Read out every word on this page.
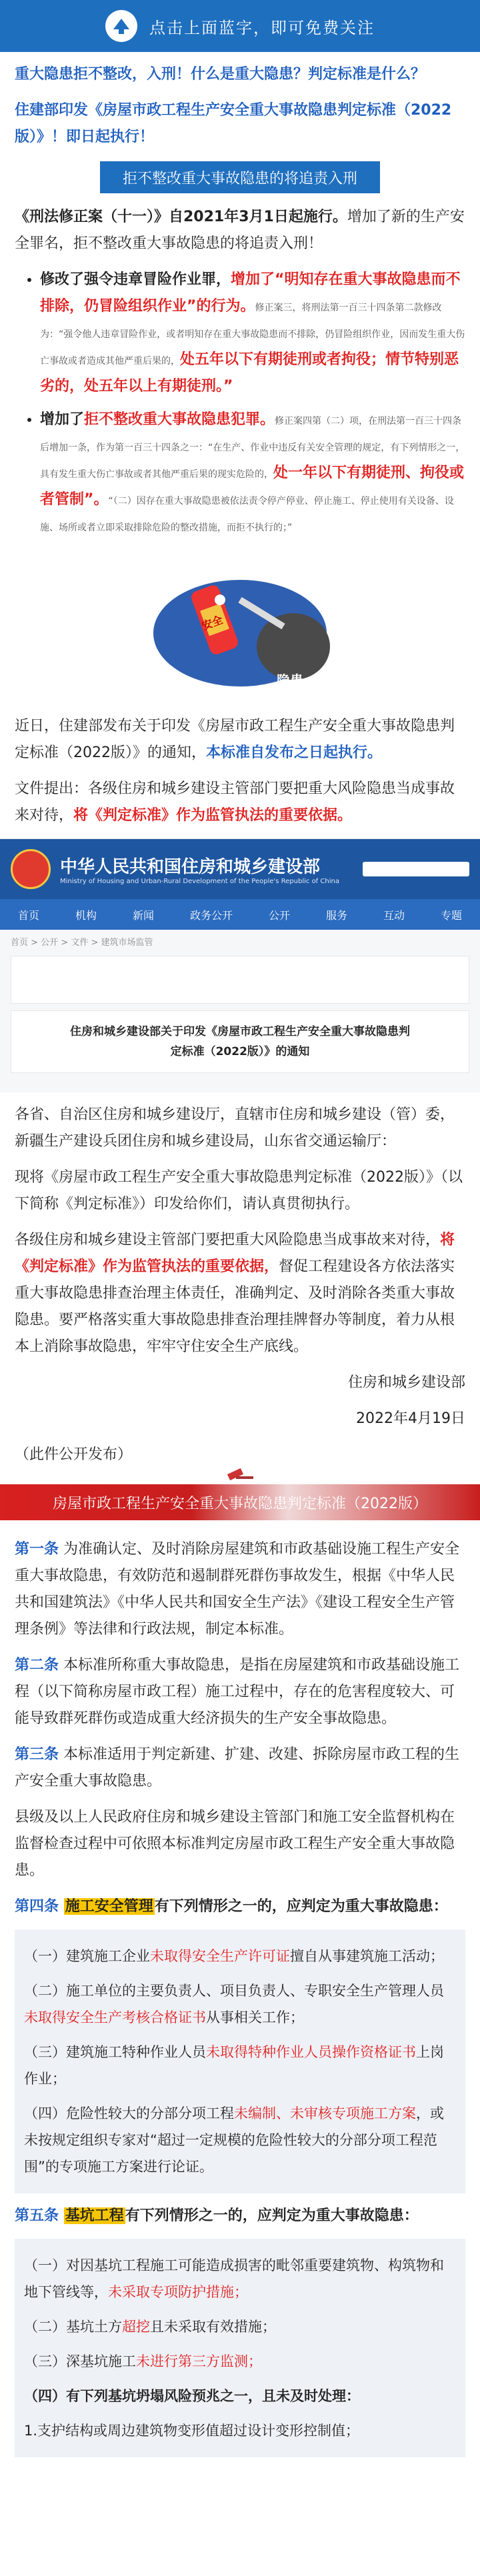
点击上面蓝字，即可免费关注
重大隐患拒不整改，入刑！什么是重大隐患？判定标准是什么？
住建部印发《房屋市政工程生产安全重大事故隐患判定标准（2022版）》！即日起执行！
拒不整改重大事故隐患的将追责入刑
《刑法修正案（十一）》自2021年3月1日起施行。增加了新的生产安全罪名，拒不整改重大事故隐患的将追责入刑！
• 修改了强令违章冒险作业罪，增加了“明知存在重大事故隐患而不排除，仍冒险组织作业”的行为。修正案三，将刑法第一百三十四条第二款修改为：“强令他人违章冒险作业，或者明知存在重大事故隐患而不排除，仍冒险组织作业，因而发生重大伤亡事故或者造成其他严重后果的，处五年以下有期徒刑或者拘役；情节特别恶劣的，处五年以上有期徒刑。”
• 增加了拒不整改重大事故隐患犯罪。修正案四第（二）项，在刑法第一百三十四条后增加一条，作为第一百三十四条之一：“在生产、作业中违反有关安全管理的规定，有下列情形之一，具有发生重大伤亡事故或者其他严重后果的现实危险的，处一年以下有期徒刑、拘役或者管制”。“（二）因存在重大事故隐患被依法责令停产停业、停止施工、停止使用有关设备、设施、场所或者立即采取排除危险的整改措施，而拒不执行的；”
安全
隐患
近日，住建部发布关于印发《房屋市政工程生产安全重大事故隐患判定标准（2022版）》的通知，本标准自发布之日起执行。
文件提出：各级住房和城乡建设主管部门要把重大风险隐患当成事故来对待，将《判定标准》作为监管执法的重要依据。
中华人民共和国住房和城乡建设部
Ministry of Housing and Urban-Rural Development of the People's Republic of China
首页	机构	新闻	政务公开	公开	服务	互动	专题
首页 > 公开 > 文件 > 建筑市场监管
住房和城乡建设部关于印发《房屋市政工程生产安全重大事故隐患判定标准（2022版）》的通知
各省、自治区住房和城乡建设厅，直辖市住房和城乡建设（管）委，新疆生产建设兵团住房和城乡建设局，山东省交通运输厅：
现将《房屋市政工程生产安全重大事故隐患判定标准（2022版）》（以下简称《判定标准》）印发给你们，请认真贯彻执行。
各级住房和城乡建设主管部门要把重大风险隐患当成事故来对待，将《判定标准》作为监管执法的重要依据，督促工程建设各方依法落实重大事故隐患排查治理主体责任，准确判定、及时消除各类重大事故隐患。要严格落实重大事故隐患排查治理挂牌督办等制度，着力从根本上消除事故隐患，牢牢守住安全生产底线。
住房和城乡建设部
2022年4月19日
（此件公开发布）
房屋市政工程生产安全重大事故隐患判定标准（2022版）
第一条 为准确认定、及时消除房屋建筑和市政基础设施工程生产安全重大事故隐患，有效防范和遏制群死群伤事故发生，根据《中华人民共和国建筑法》《中华人民共和国安全生产法》《建设工程安全生产管理条例》等法律和行政法规，制定本标准。
第二条 本标准所称重大事故隐患，是指在房屋建筑和市政基础设施工程（以下简称房屋市政工程）施工过程中，存在的危害程度较大、可能导致群死群伤或造成重大经济损失的生产安全事故隐患。
第三条 本标准适用于判定新建、扩建、改建、拆除房屋市政工程的生产安全重大事故隐患。
县级及以上人民政府住房和城乡建设主管部门和施工安全监督机构在监督检查过程中可依照本标准判定房屋市政工程生产安全重大事故隐患。
第四条 施工安全管理有下列情形之一的，应判定为重大事故隐患：

（一）建筑施工企业未取得安全生产许可证擅自从事建筑施工活动；

（二）施工单位的主要负责人、项目负责人、专职安全生产管理人员未取得安全生产考核合格证书从事相关工作；

（三）建筑施工特种作业人员未取得特种作业人员操作资格证书上岗作业；

（四）危险性较大的分部分项工程未编制、未审核专项施工方案，或未按规定组织专家对“超过一定规模的危险性较大的分部分项工程范围”的专项施工方案进行论证。

第五条 基坑工程有下列情形之一的，应判定为重大事故隐患：

（一）对因基坑工程施工可能造成损害的毗邻重要建筑物、构筑物和地下管线等，未采取专项防护措施；

（二）基坑土方超挖且未采取有效措施；

（三）深基坑施工未进行第三方监测；

（四）有下列基坑坍塌风险预兆之一，且未及时处理：

1.支护结构或周边建筑物变形值超过设计变形控制值；
